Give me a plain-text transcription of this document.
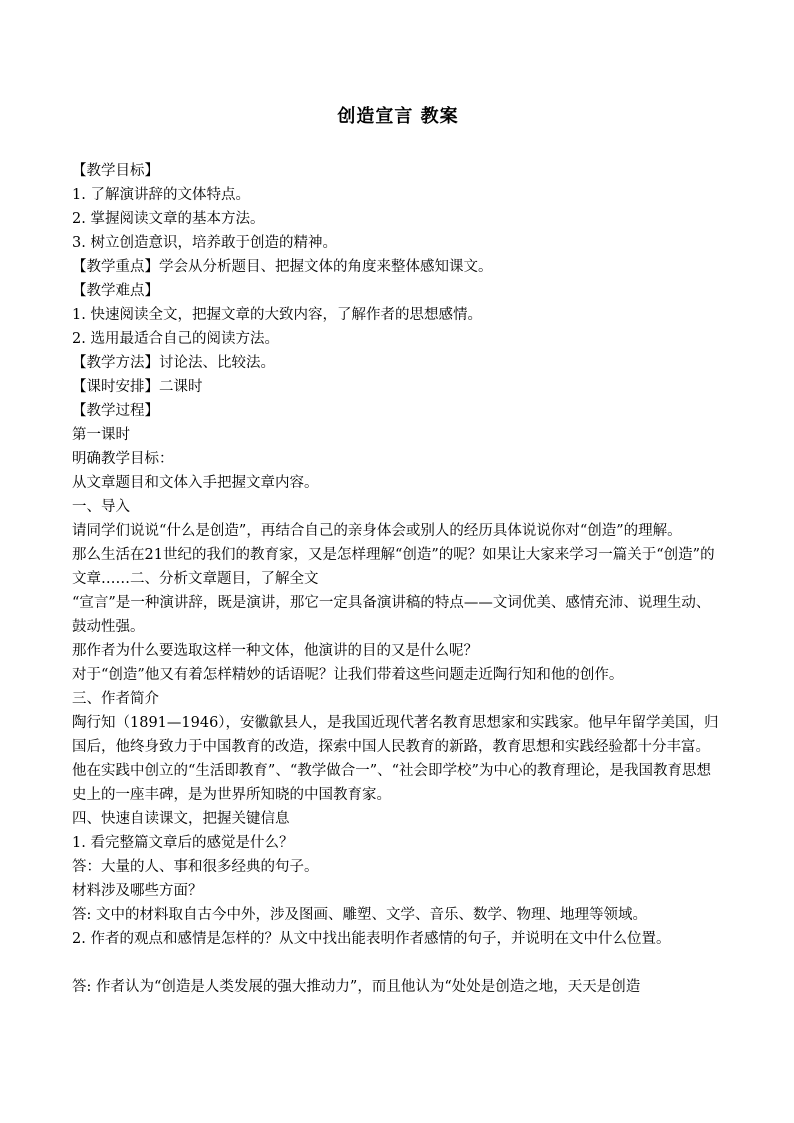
创造宣言 教案

【教学目标】

1. 了解演讲辞的文体特点。

2. 掌握阅读文章的基本方法。

3. 树立创造意识，培养敢于创造的精神。

【教学重点】学会从分析题目、把握文体的角度来整体感知课文。

【教学难点】

1. 快速阅读全文，把握文章的大致内容，了解作者的思想感情。

2. 选用最适合自己的阅读方法。

【教学方法】讨论法、比较法。

【课时安排】二课时

【教学过程】

第一课时

明确教学目标：

从文章题目和文体入手把握文章内容。

一、导入

请同学们说说“什么是创造”，再结合自己的亲身体会或别人的经历具体说说你对“创造”的理解。

那么生活在21世纪的我们的教育家，又是怎样理解“创造”的呢？如果让大家来学习一篇关于“创造”的文章……二、分析文章题目，了解全文

“宣言”是一种演讲辞，既是演讲，那它一定具备演讲稿的特点——文词优美、感情充沛、说理生动、鼓动性强。

那作者为什么要选取这样一种文体，他演讲的目的又是什么呢？

对于“创造”他又有着怎样精妙的话语呢？让我们带着这些问题走近陶行知和他的创作。

三、作者简介

陶行知（1891—1946），安徽歙县人，是我国近现代著名教育思想家和实践家。他早年留学美国，归国后，他终身致力于中国教育的改造，探索中国人民教育的新路，教育思想和实践经验都十分丰富。他在实践中创立的“生活即教育”、“教学做合一”、“社会即学校”为中心的教育理论，是我国教育思想史上的一座丰碑，是为世界所知晓的中国教育家。

四、快速自读课文，把握关键信息

1. 看完整篇文章后的感觉是什么？

答：大量的人、事和很多经典的句子。

材料涉及哪些方面？

答: 文中的材料取自古今中外，涉及图画、雕塑、文学、音乐、数学、物理、地理等领域。

2. 作者的观点和感情是怎样的？从文中找出能表明作者感情的句子，并说明在文中什么位置。

答: 作者认为“创造是人类发展的强大推动力”，而且他认为“处处是创造之地，天天是创造
